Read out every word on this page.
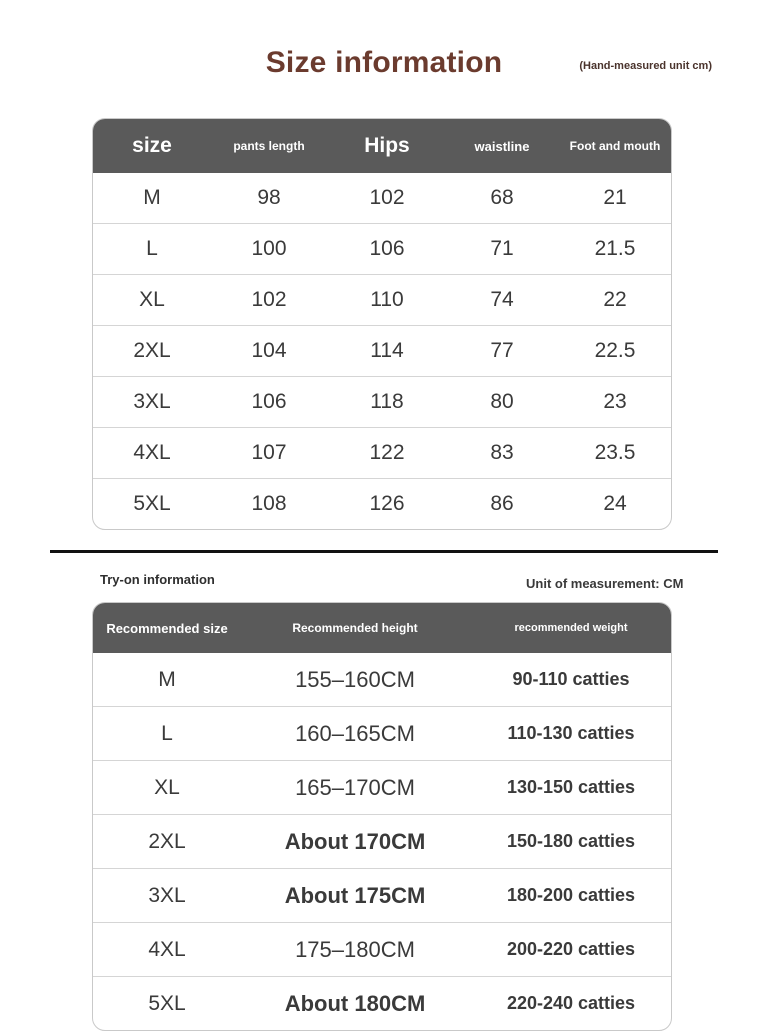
Size information	(Hand-measured unit cm)
size	pants length	Hips	waistline	Foot and mouth
M	98	102	68	21
L	100	106	71	21.5
XL	102	110	74	22
2XL	104	114	77	22.5
3XL	106	118	80	23
4XL	107	122	83	23.5
5XL	108	126	86	24
Try-on information	Unit of measurement: CM
Recommended size	Recommended height	recommended weight
M	155–160CM	90-110 catties
L	160–165CM	110-130 catties
XL	165–170CM	130-150 catties
2XL	About 170CM	150-180 catties
3XL	About 175CM	180-200 catties
4XL	175–180CM	200-220 catties
5XL	About 180CM	220-240 catties
